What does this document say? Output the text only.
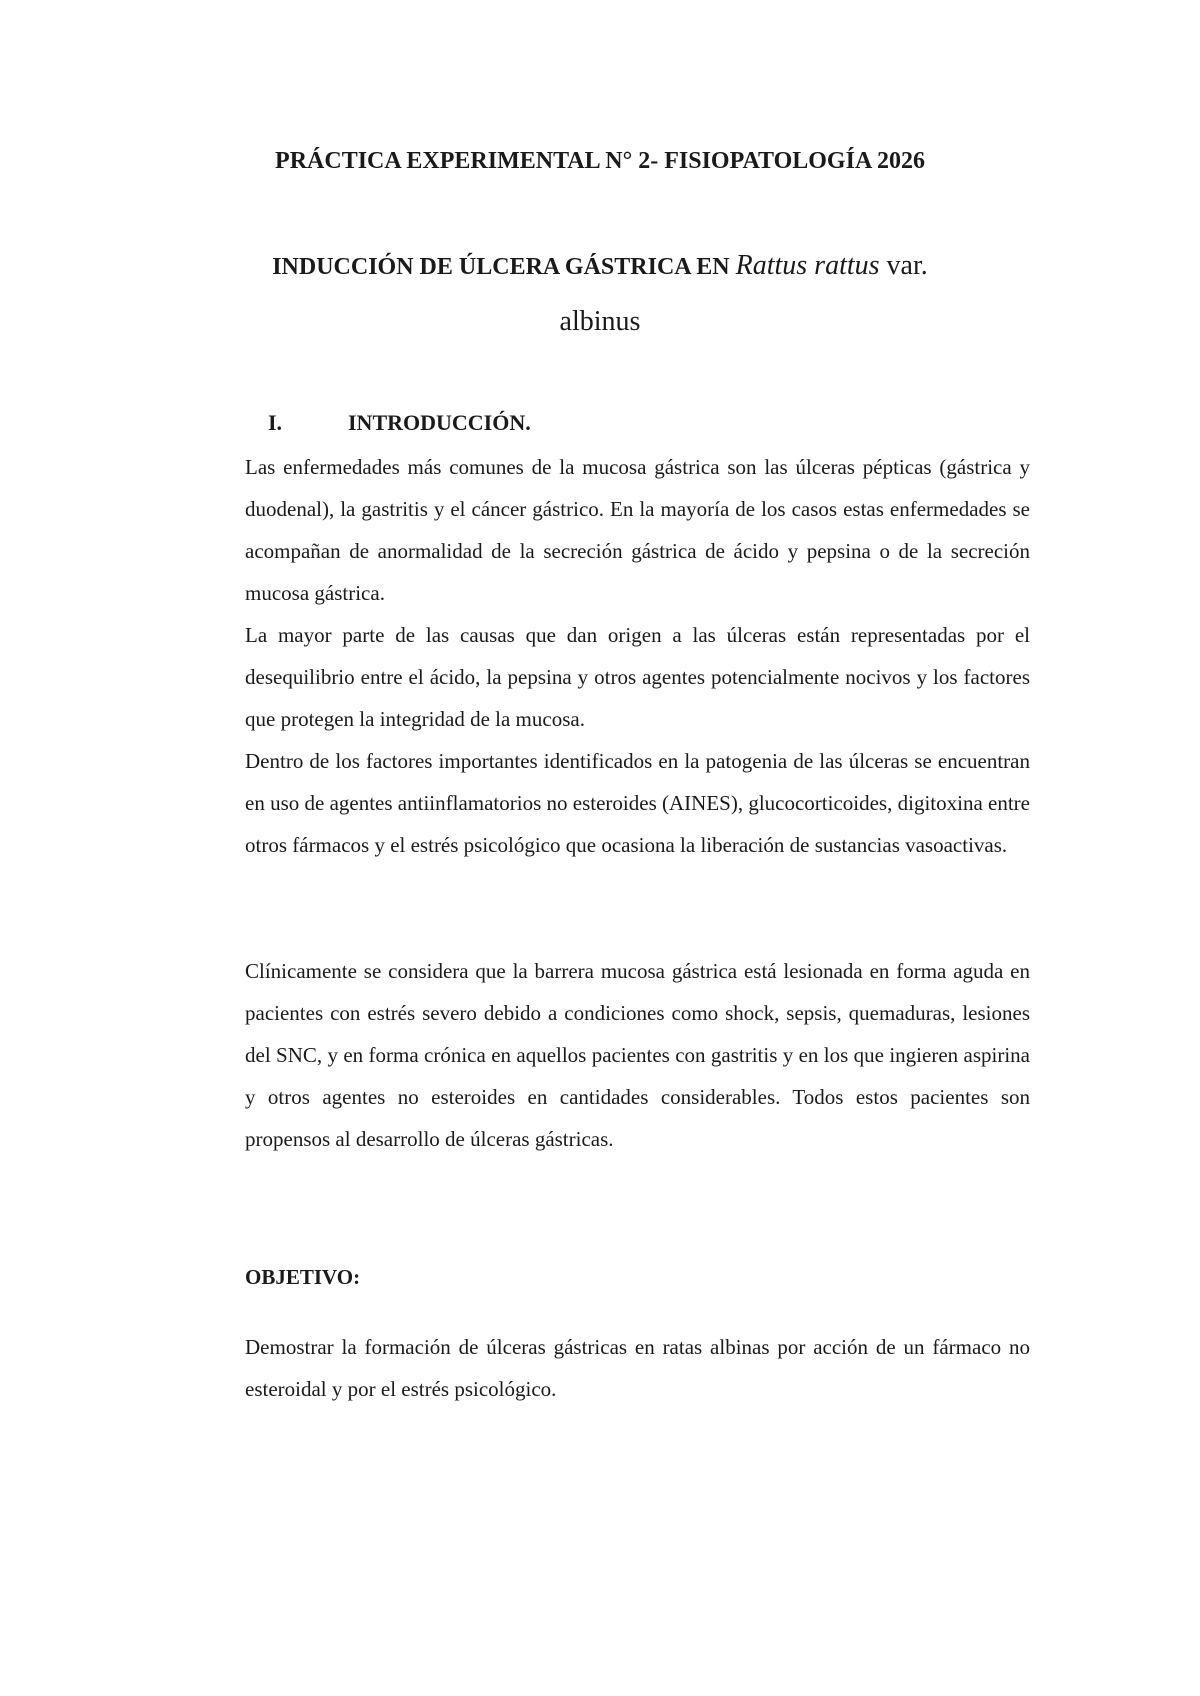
PRÁCTICA EXPERIMENTAL N° 2- FISIOPATOLOGÍA 2026

INDUCCIÓN DE ÚLCERA GÁSTRICA EN Rattus rattus var.

albinus

I.	INTRODUCCIÓN.

Las enfermedades más comunes de la mucosa gástrica son las úlceras pépticas (gástrica y duodenal), la gastritis y el cáncer gástrico. En la mayoría de los casos estas enfermedades se acompañan de anormalidad de la secreción gástrica de ácido y pepsina o de la secreción mucosa gástrica.

La mayor parte de las causas que dan origen a las úlceras están representadas por el desequilibrio entre el ácido, la pepsina y otros agentes potencialmente nocivos y los factores que protegen la integridad de la mucosa.

Dentro de los factores importantes identificados en la patogenia de las úlceras se encuentran en uso de agentes antiinflamatorios no esteroides (AINES), glucocorticoides, digitoxina entre otros fármacos y el estrés psicológico que ocasiona la liberación de sustancias vasoactivas.

Clínicamente se considera que la barrera mucosa gástrica está lesionada en forma aguda en pacientes con estrés severo debido a condiciones como shock, sepsis, quemaduras, lesiones del SNC, y en forma crónica en aquellos pacientes con gastritis y en los que ingieren aspirina y otros agentes no esteroides en cantidades considerables. Todos estos pacientes son propensos al desarrollo de úlceras gástricas.

OBJETIVO:

Demostrar la formación de úlceras gástricas en ratas albinas por acción de un fármaco no esteroidal y por el estrés psicológico.
